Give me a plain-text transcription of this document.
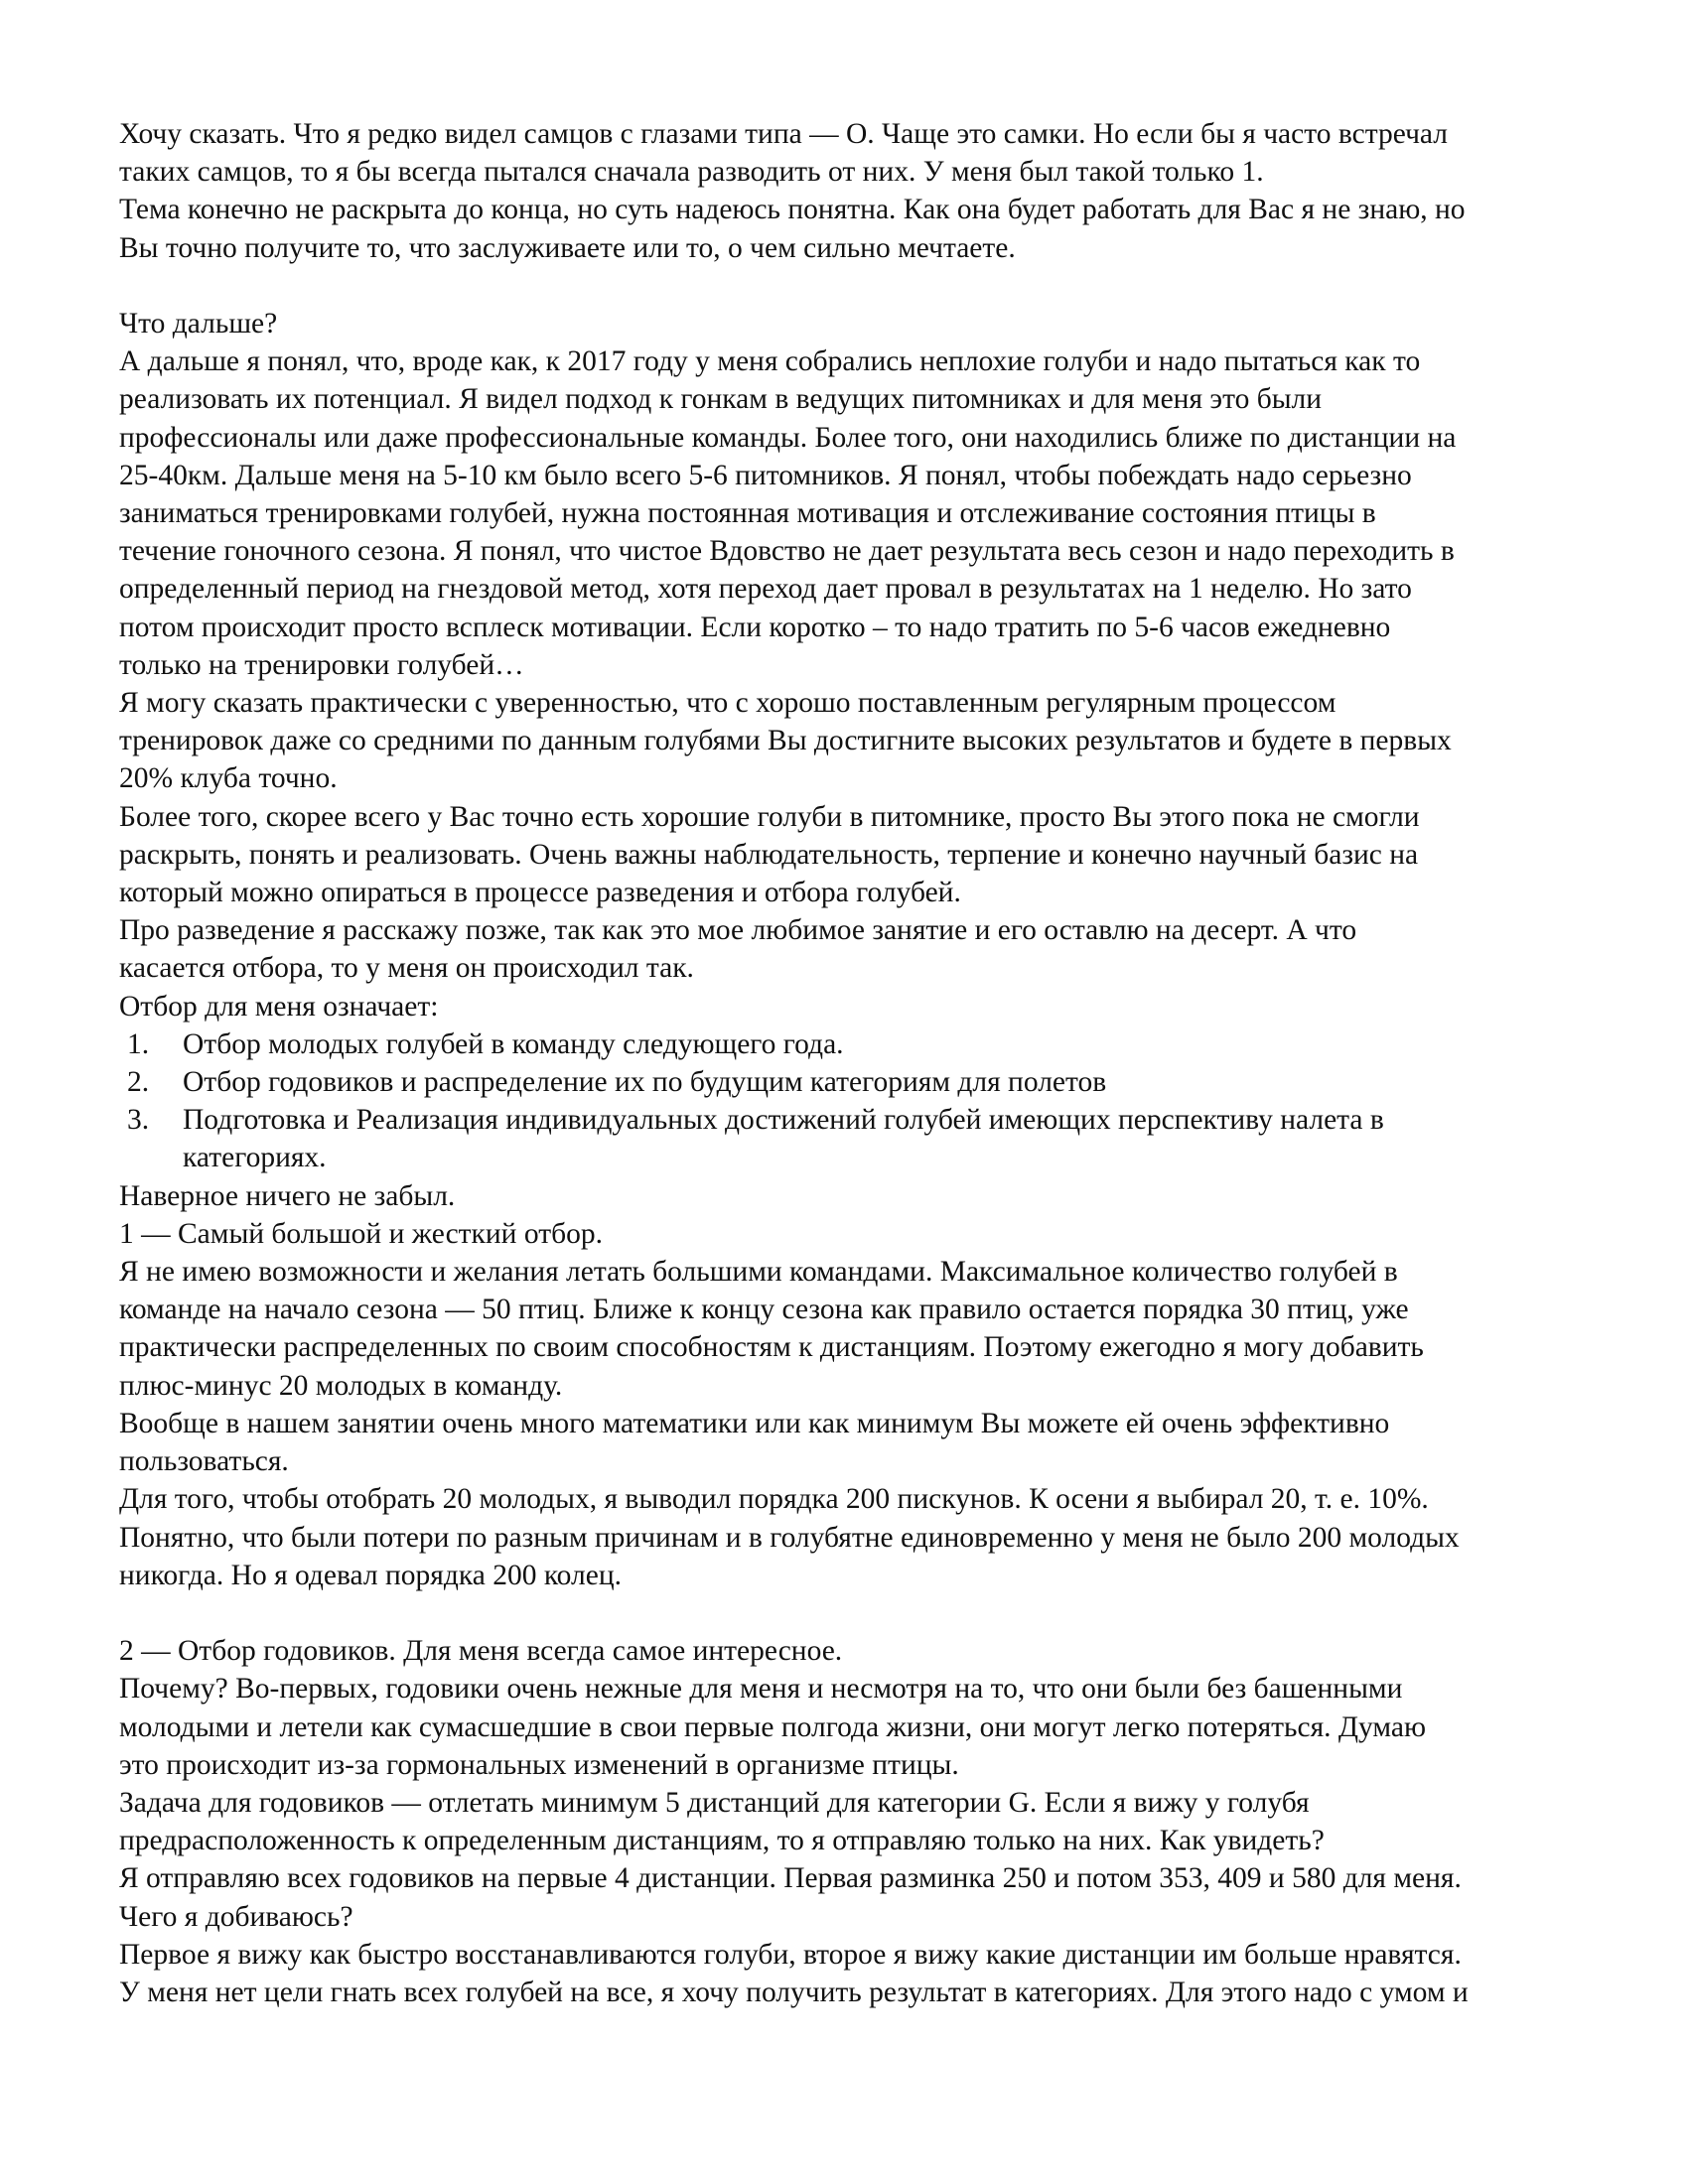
Хочу сказать. Что я редко видел самцов с глазами типа — О. Чаще это самки. Но если бы я часто встречал

таких самцов, то я бы всегда пытался сначала разводить от них. У меня был такой только 1.

Тема конечно не раскрыта до конца, но суть надеюсь понятна. Как она будет работать для Вас я не знаю, но

Вы точно получите то, что заслуживаете или то, о чем сильно мечтаете.

Что дальше?

А дальше я понял, что, вроде как, к 2017 году у меня собрались неплохие голуби и надо пытаться как то

реализовать их потенциал. Я видел подход к гонкам в ведущих питомниках и для меня это были

профессионалы или даже профессиональные команды. Более того, они находились ближе по дистанции на

25-40км. Дальше меня на 5-10 км было всего 5-6 питомников. Я понял, чтобы побеждать надо серьезно

заниматься тренировками голубей, нужна постоянная мотивация и отслеживание состояния птицы в

течение гоночного сезона. Я понял, что чистое Вдовство не дает результата весь сезон и надо переходить в

определенный период на гнездовой метод, хотя переход дает провал в результатах на 1 неделю. Но зато

потом происходит просто всплеск мотивации. Если коротко – то надо тратить по 5-6 часов ежедневно

только на тренировки голубей…

Я могу сказать практически с уверенностью, что с хорошо поставленным регулярным процессом

тренировок даже со средними по данным голубями Вы достигните высоких результатов и будете в первых

20% клуба точно.

Более того, скорее всего у Вас точно есть хорошие голуби в питомнике, просто Вы этого пока не смогли

раскрыть, понять и реализовать. Очень важны наблюдательность, терпение и конечно научный базис на

который можно опираться в процессе разведения и отбора голубей.

Про разведение я расскажу позже, так как это мое любимое занятие и его оставлю на десерт. А что

касается отбора, то у меня он происходил так.

Отбор для меня означает:

1. Отбор молодых голубей в команду следующего года.
2. Отбор годовиков и распределение их по будущим категориям для полетов
3. Подготовка и Реализация индивидуальных достижений голубей имеющих перспективу налета в
категориях.

Наверное ничего не забыл.

1 — Самый большой и жесткий отбор.

Я не имею возможности и желания летать большими командами. Максимальное количество голубей в

команде на начало сезона — 50 птиц. Ближе к концу сезона как правило остается порядка 30 птиц, уже

практически распределенных по своим способностям к дистанциям. Поэтому ежегодно я могу добавить

плюс-минус 20 молодых в команду.

Вообще в нашем занятии очень много математики или как минимум Вы можете ей очень эффективно

пользоваться.

Для того, чтобы отобрать 20 молодых, я выводил порядка 200 пискунов. К осени я выбирал 20, т. е. 10%.

Понятно, что были потери по разным причинам и в голубятне единовременно у меня не было 200 молодых

никогда. Но я одевал порядка 200 колец.

2 — Отбор годовиков. Для меня всегда самое интересное.

Почему? Во-первых, годовики очень нежные для меня и несмотря на то, что они были без башенными

молодыми и летели как сумасшедшие в свои первые полгода жизни, они могут легко потеряться. Думаю

это происходит из-за гормональных изменений в организме птицы.

Задача для годовиков — отлетать минимум 5 дистанций для категории G. Если я вижу у голубя

предрасположенность к определенным дистанциям, то я отправляю только на них. Как увидеть?

Я отправляю всех годовиков на первые 4 дистанции. Первая разминка 250 и потом 353, 409 и 580 для меня.

Чего я добиваюсь?

Первое я вижу как быстро восстанавливаются голуби, второе я вижу какие дистанции им больше нравятся.

У меня нет цели гнать всех голубей на все, я хочу получить результат в категориях. Для этого надо с умом и
